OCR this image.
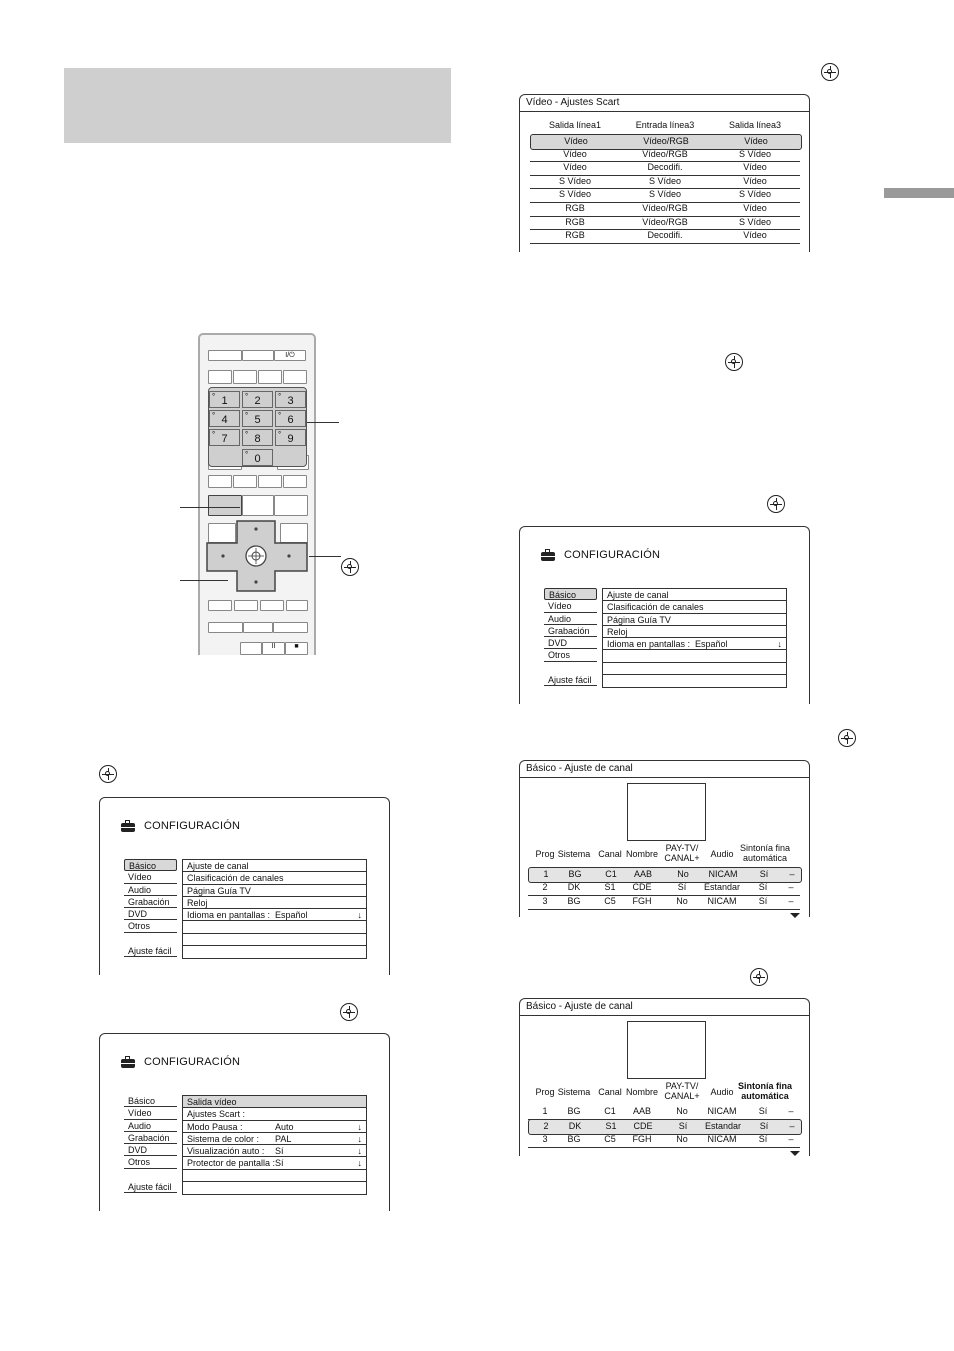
Vídeo - Ajustes Scart
Salida línea1	Entrada línea3	Salida línea3
Vídeo	Vídeo/RGB	Vídeo
Vídeo	Vídeo/RGB	S Vídeo
Vídeo	Decodifi.	Vídeo
S Vídeo	S Vídeo	Vídeo
S Vídeo	S Vídeo	S Vídeo
RGB	Vídeo/RGB	Vídeo
RGB	Vídeo/RGB	S Vídeo
RGB	Decodifi.	Vídeo
I/⏻
II	■
° 1	° 2	° 3
° 4	° 5	° 6
° 7	° 8	° 9
° 0
CONFIGURACIÓN
Básico
Vídeo
Audio
Grabación
DVD
Otros
Ajuste fácil
Ajuste de canal
Clasificación de canales
Página Guía TV
Reloj
Idioma en pantallas : Español	↓
CONFIGURACIÓN
Básico
Vídeo
Audio
Grabación
DVD
Otros
Ajuste fácil
Ajuste de canal
Clasificación de canales
Página Guía TV
Reloj
Idioma en pantallas : Español	↓
CONFIGURACIÓN
Básico
Vídeo
Audio
Grabación
DVD
Otros
Ajuste fácil
Salida vídeo
Ajustes Scart :
Modo Pausa :	Auto	↓
Sistema de color : PAL	↓
Visualización auto : Sí	↓
Protector de pantalla : Sí	↓
Básico - Ajuste de canal
Prog Sistema Canal Nombre
PAY-TV/
CANAL+	Audio
Sintonía fina
automática
1	BG	C1	AAB	No	NICAM	Sí	–
2	DK	S1	CDE	Sí	Estandar	Sí	–
3	BG	C5	FGH	No	NICAM	Sí	–
Básico - Ajuste de canal
Prog Sistema Canal Nombre
PAY-TV/
CANAL+	Audio
Sintonía fina
automática
1	BG	C1	AAB	No	NICAM	Sí	–
2	DK	S1	CDE	Sí	Estandar	Sí	–
3	BG	C5	FGH	No	NICAM	Sí	–
